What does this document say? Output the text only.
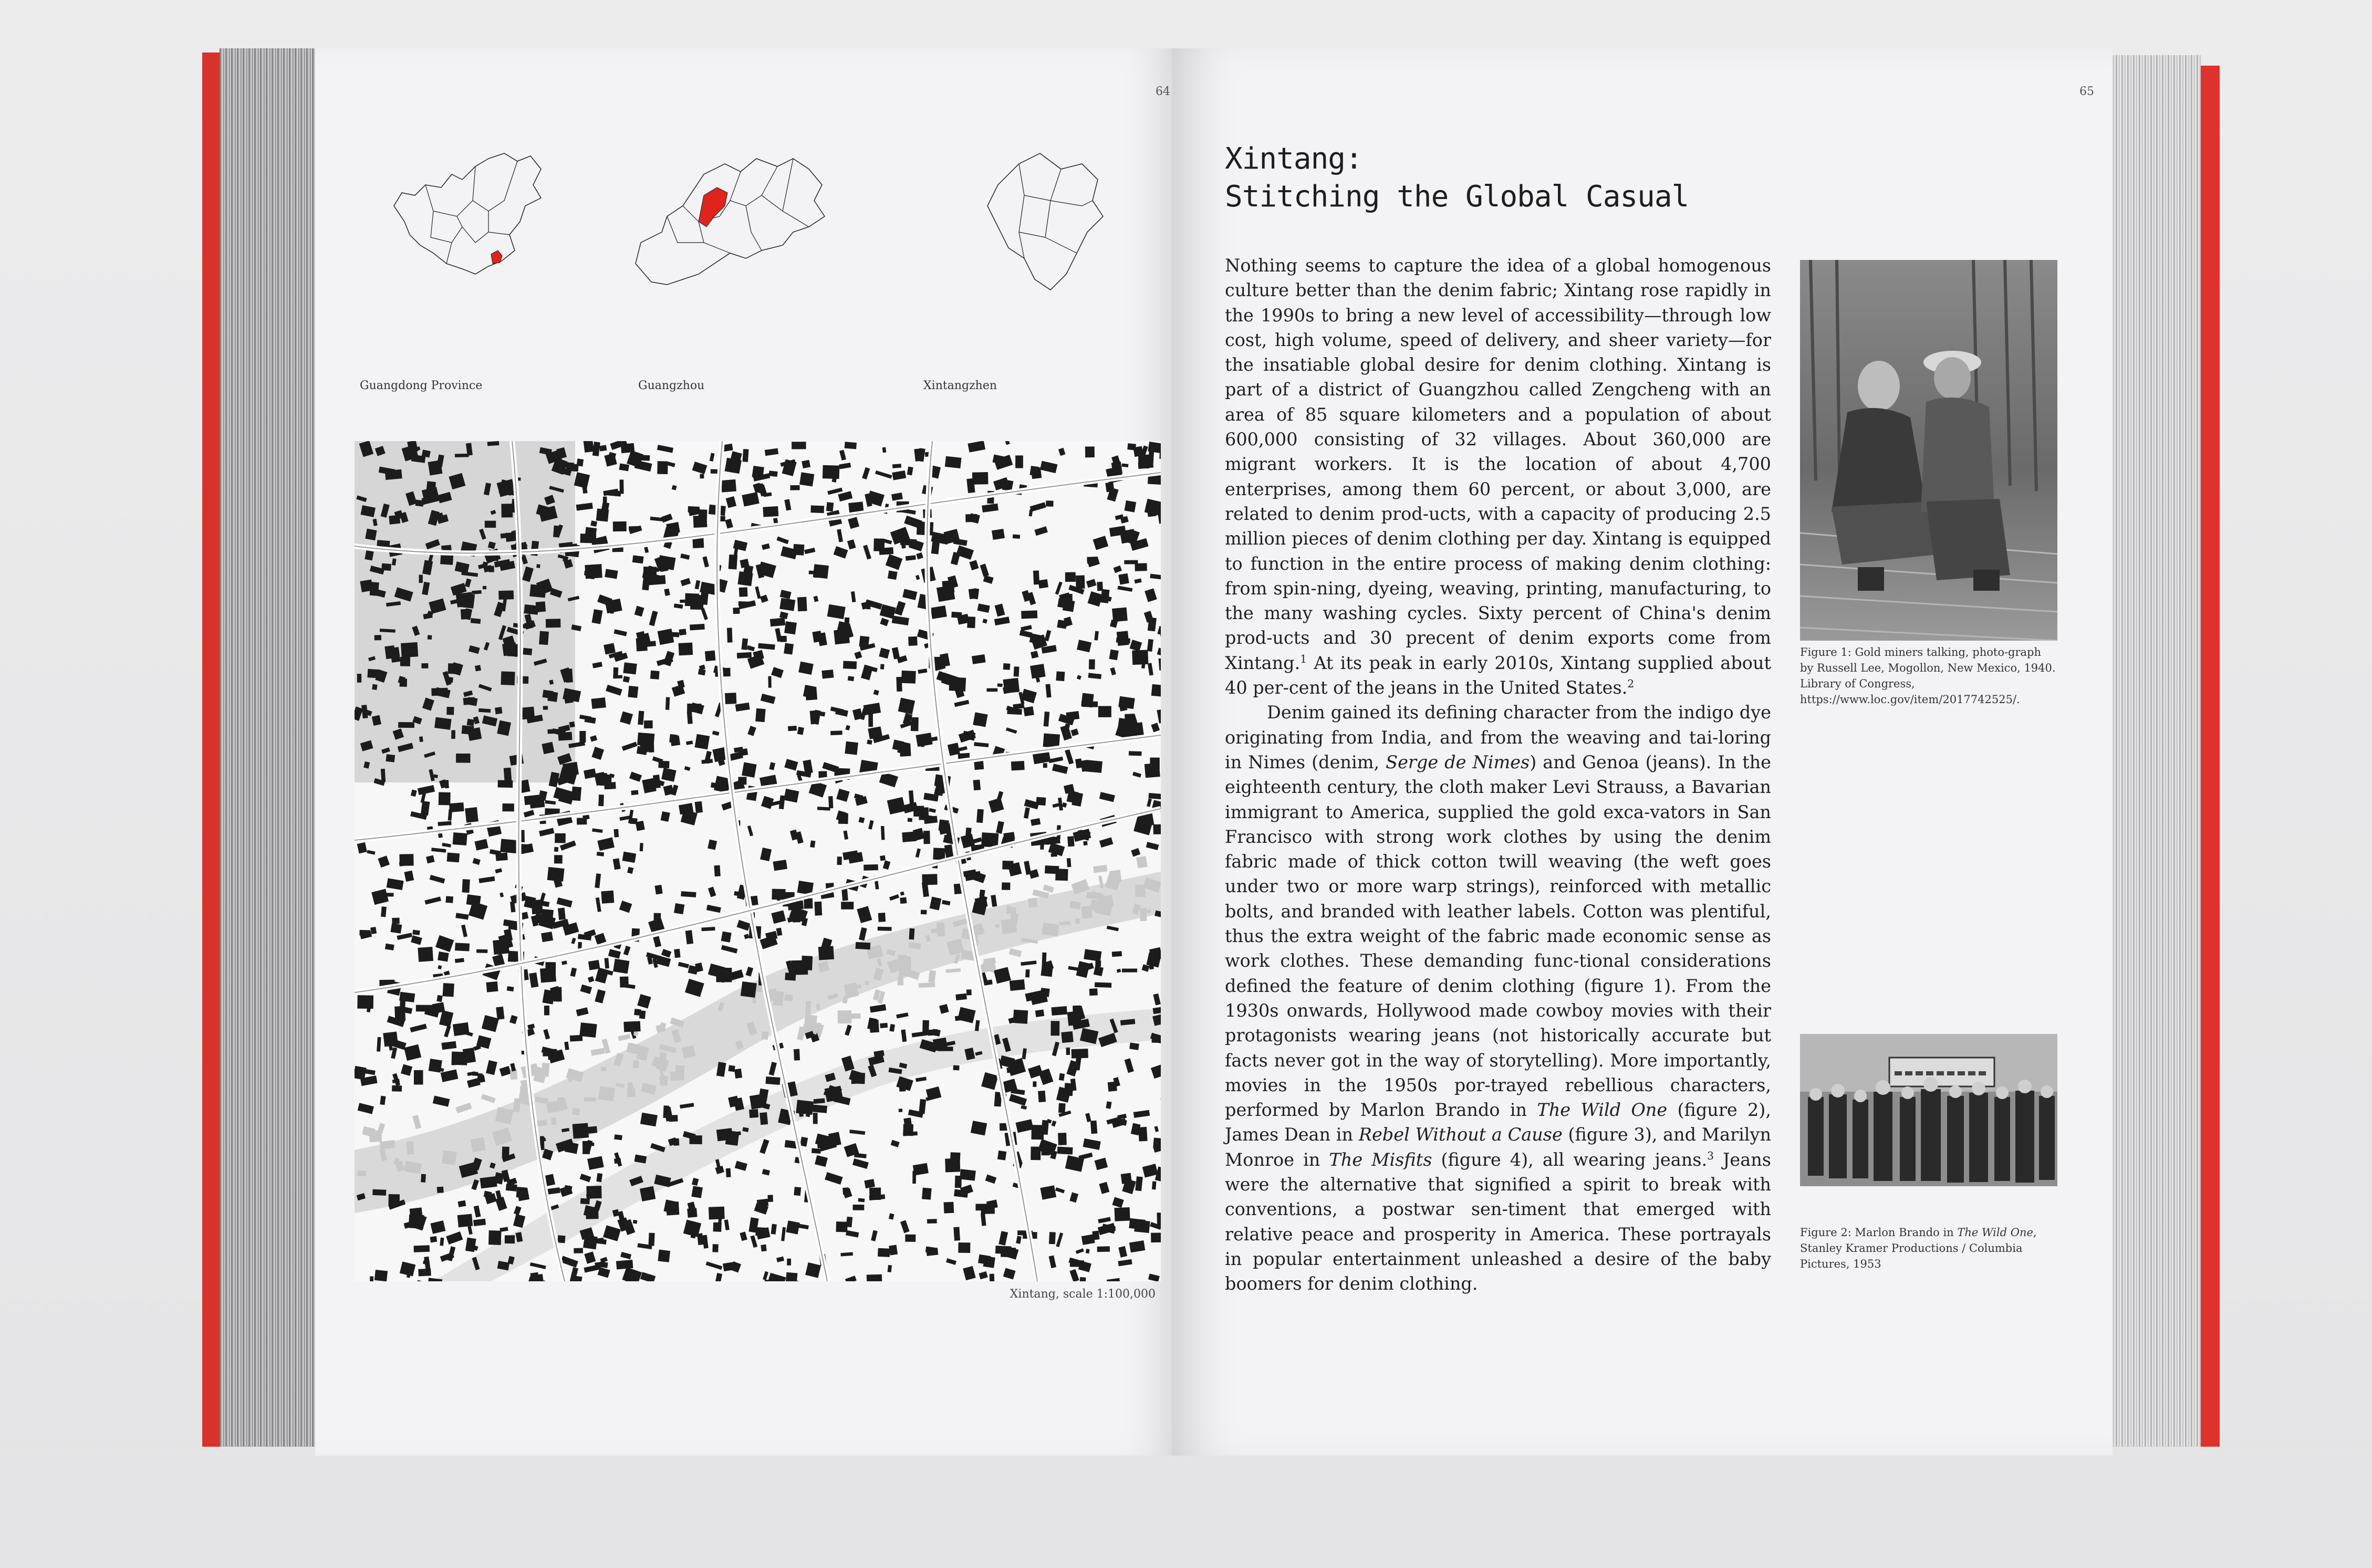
64
Guangdong Province	Guangzhou	Xintangzhen
Xintang, scale 1:100,000
65
Xintang:
Stitching the Global Casual

Nothing seems to capture the idea of a global homogenous culture better than the denim fabric; Xintang rose rapidly in the 1990s to bring a new level of accessibility—through low cost, high volume, speed of delivery, and sheer variety—for the insatiable global desire for denim clothing. Xintang is part of a district of Guangzhou called Zengcheng with an area of 85 square kilometers and a population of about 600,000 consisting of 32 villages. About 360,000 are migrant workers. It is the location of about 4,700 enterprises, among them 60 percent, or about 3,000, are related to denim prod-ucts, with a capacity of producing 2.5 million pieces of denim clothing per day. Xintang is equipped to function in the entire process of making denim clothing: from spin-ning, dyeing, weaving, printing, manufacturing, to the many washing cycles. Sixty percent of China's denim prod-ucts and 30 precent of denim exports come from Xintang.$^1$ At its peak in early 2010s, Xintang supplied about 40 per-cent of the jeans in the United States.$^2$

Denim gained its defining character from the indigo dye originating from India, and from the weaving and tai-loring in Nimes (denim, Serge de Nimes) and Genoa (jeans). In the eighteenth century, the cloth maker Levi Strauss, a Bavarian immigrant to America, supplied the gold exca-vators in San Francisco with strong work clothes by using the denim fabric made of thick cotton twill weaving (the weft goes under two or more warp strings), reinforced with metallic bolts, and branded with leather labels. Cotton was plentiful, thus the extra weight of the fabric made economic sense as work clothes. These demanding func-tional considerations defined the feature of denim clothing (figure 1). From the 1930s onwards, Hollywood made cowboy movies with their protagonists wearing jeans (not historically accurate but facts never got in the way of storytelling). More importantly, movies in the 1950s por-trayed rebellious characters, performed by Marlon Brando in The Wild One (figure 2), James Dean in Rebel Without a Cause (figure 3), and Marilyn Monroe in The Misfits (figure 4), all wearing jeans.$^3$ Jeans were the alternative that signified a spirit to break with conventions, a postwar sen-timent that emerged with relative peace and prosperity in America. These portrayals in popular entertainment unleashed a desire of the baby boomers for denim clothing.

Figure 1: Gold miners talking, photo-graph by Russell Lee, Mogollon, New Mexico, 1940. Library of Congress, https://www.loc.gov/item/2017742525/.
Figure 2: Marlon Brando in The Wild One, Stanley Kramer Productions / Columbia Pictures, 1953
